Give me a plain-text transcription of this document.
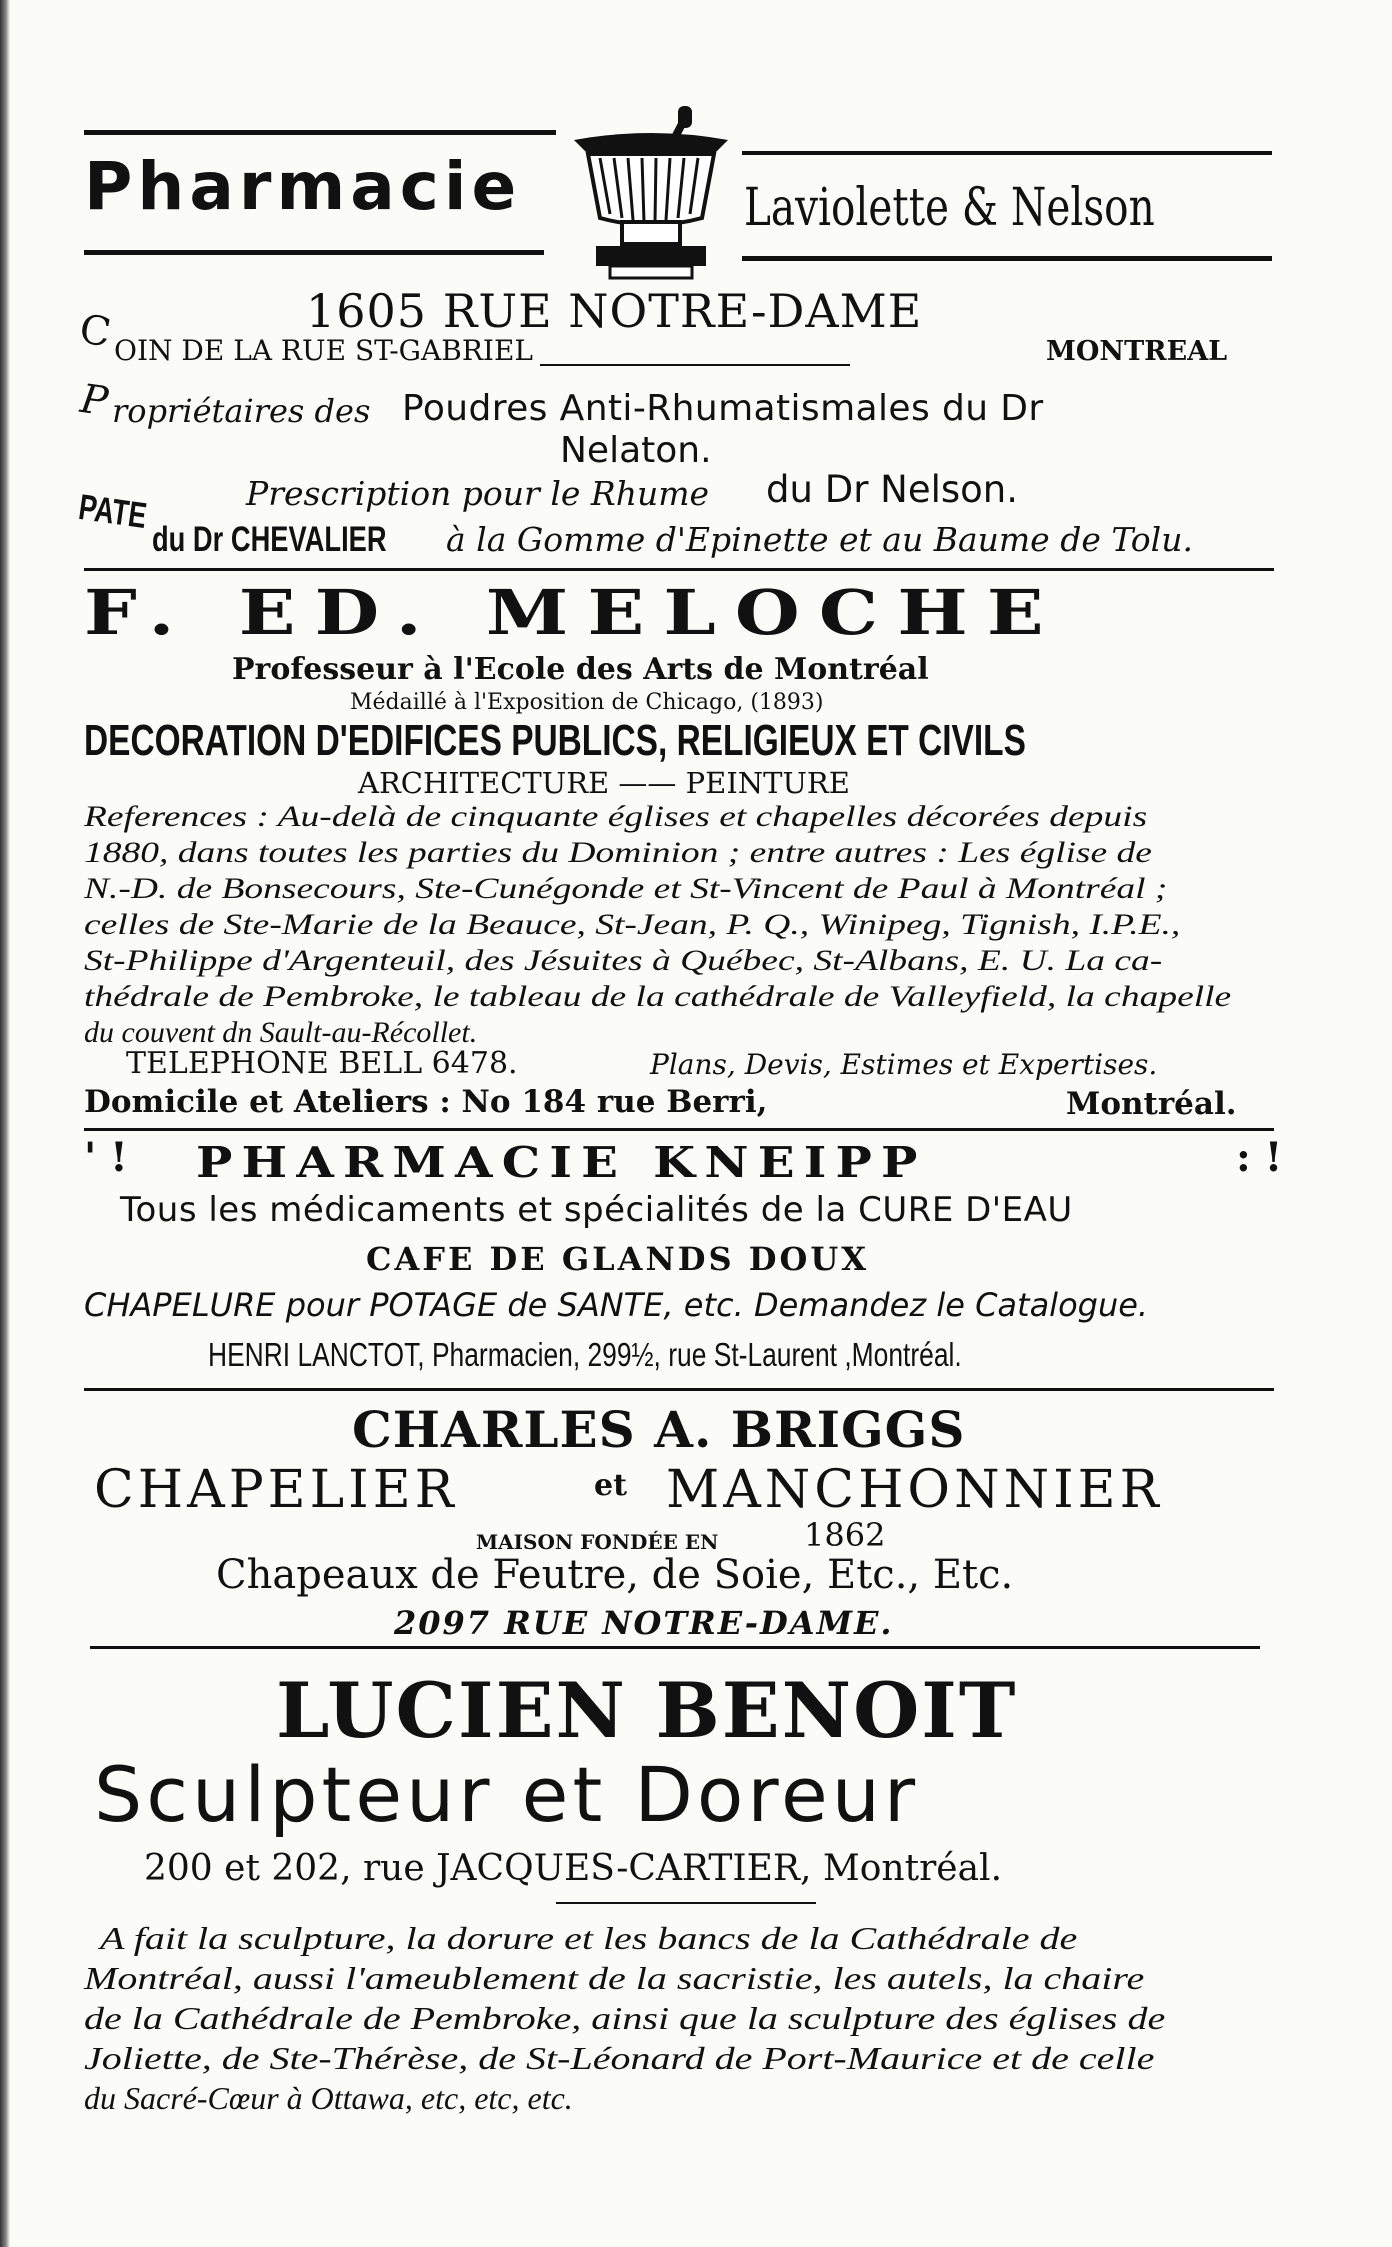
Pharmacie	Laviolette & Nelson
1605 RUE NOTRE-DAME
C OIN DE LA RUE ST-GABRIEL	MONTREAL
P ropriétaires des Poudres Anti-Rhumatismales du Dr
Nelaton.
Prescription pour le Rhume du Dr Nelson.
PATE
du Dr CHEVALIER à la Gomme d'Epinette et au Baume de Tolu.
F. ED. MELOCHE
Professeur à l'Ecole des Arts de Montréal
Médaillé à l'Exposition de Chicago, (1893)
DECORATION D'EDIFICES PUBLICS, RELIGIEUX ET CIVILS
ARCHITECTURE —— PEINTURE
References : Au-delà de cinquante églises et chapelles décorées depuis
1880, dans toutes les parties du Dominion ; entre autres : Les église de
N.-D. de Bonsecours, Ste-Cunégonde et St-Vincent de Paul à Montréal ;
celles de Ste-Marie de la Beauce, St-Jean, P. Q., Winipeg, Tignish, I.P.E.,
St-Philippe d'Argenteuil, des Jésuites à Québec, St-Albans, E. U. La ca-
thédrale de Pembroke, le tableau de la cathédrale de Valleyfield, la chapelle
du couvent dn Sault-au-Récollet.
TELEPHONE BELL 6478.	Plans, Devis, Estimes et Expertises.
Domicile et Ateliers : No 184 rue Berri,	Montréal.
' ! PHARMACIE KNEIPP	: !
Tous les médicaments et spécialités de la CURE D'EAU
CAFE DE GLANDS DOUX
CHAPELURE pour POTAGE de SANTE, etc. Demandez le Catalogue.
HENRI LANCTOT, Pharmacien, 299½, rue St-Laurent ,Montréal.
CHARLES A. BRIGGS
CHAPELIER	et MANCHONNIER
MAISON FONDÉE EN	1862
Chapeaux de Feutre, de Soie, Etc., Etc.
2097 RUE NOTRE-DAME.
LUCIEN BENOIT
Sculpteur et Doreur
200 et 202, rue JACQUES-CARTIER, Montréal.
A fait la sculpture, la dorure et les bancs de la Cathédrale de
Montréal, aussi l'ameublement de la sacristie, les autels, la chaire
de la Cathédrale de Pembroke, ainsi que la sculpture des églises de
Joliette, de Ste-Thérèse, de St-Léonard de Port-Maurice et de celle
du Sacré-Cœur à Ottawa, etc, etc, etc.
